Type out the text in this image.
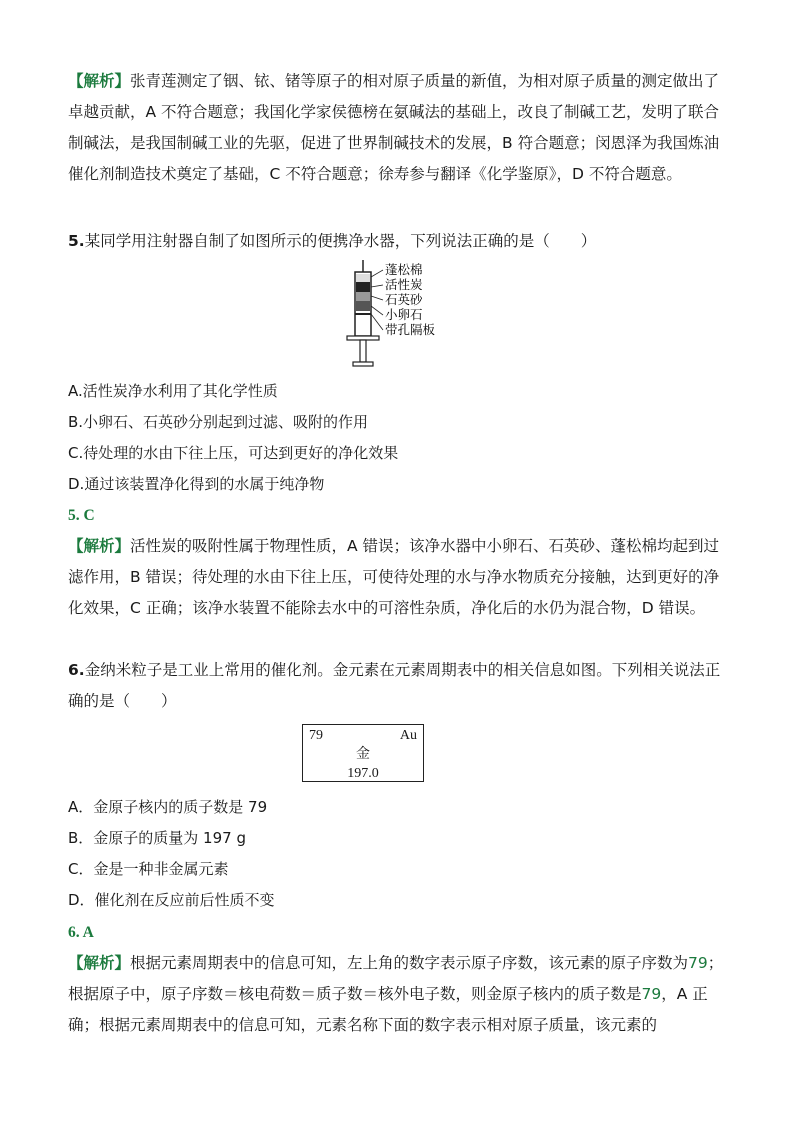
【解析】张青莲测定了铟、铱、锗等原子的相对原子质量的新值，为相对原子质量的测定做出了卓越贡献，A 不符合题意；我国化学家侯德榜在氨碱法的基础上，改良了制碱工艺，发明了联合制碱法，是我国制碱工业的先驱，促进了世界制碱技术的发展，B 符合题意；闵恩泽为我国炼油催化剂制造技术奠定了基础，C 不符合题意；徐寿参与翻译《化学鉴原》，D 不符合题意。

5.某同学用注射器自制了如图所示的便携净水器，下列说法正确的是（　　）

蓬松棉
活性炭
石英砂
小卵石
带孔隔板

A.活性炭净水利用了其化学性质

B.小卵石、石英砂分别起到过滤、吸附的作用

C.待处理的水由下往上压，可达到更好的净化效果

D.通过该装置净化得到的水属于纯净物

5. C

【解析】活性炭的吸附性属于物理性质，A 错误；该净水器中小卵石、石英砂、蓬松棉均起到过滤作用，B 错误；待处理的水由下往上压，可使待处理的水与净水物质充分接触，达到更好的净化效果，C 正确；该净水装置不能除去水中的可溶性杂质，净化后的水仍为混合物，D 错误。

6.金纳米粒子是工业上常用的催化剂。金元素在元素周期表中的相关信息如图。下列相关说法正确的是（　　）

79	Au
金
197.0

A．金原子核内的质子数是 79

B．金原子的质量为 197 g

C．金是一种非金属元素

D．催化剂在反应前后性质不变

6. A

【解析】根据元素周期表中的信息可知，左上角的数字表示原子序数，该元素的原子序数为79；根据原子中，原子序数＝核电荷数＝质子数＝核外电子数，则金原子核内的质子数是79，A 正确；根据元素周期表中的信息可知，元素名称下面的数字表示相对原子质量，该元素的
